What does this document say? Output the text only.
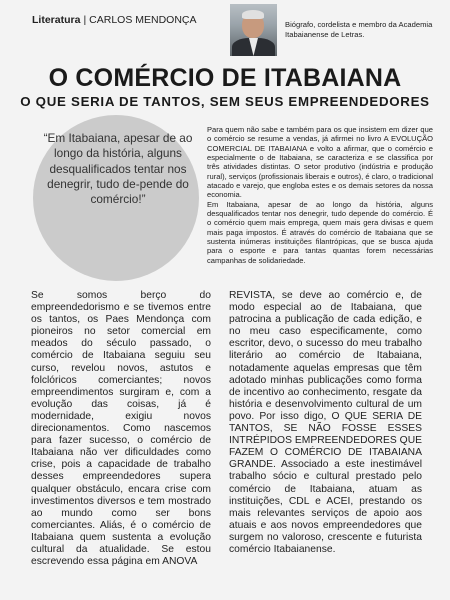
Literatura | CARLOS MENDONÇA	Biógrafo, cordelista e membro da Academia Itabaianense de Letras.
O COMÉRCIO DE ITABAIANA
O QUE SERIA DE TANTOS, SEM SEUS EMPREENDEDORES
“Em Itabaiana, apesar de ao longo da história, alguns desqualificados tentar nos denegrir, tudo de-pende do comércio!”

Para quem não sabe e também para os que insistem em dizer que o comércio se resume a vendas, já afirmei no livro A EVOLUÇÃO COMERCIAL DE ITABAIANA e volto a afirmar, que o comércio e especialmente o de Itabaiana, se caracteriza e se classifica por três atividades distintas. O setor produtivo (indústria e produção rural), serviços (profissionais liberais e outros), é claro, o tradicional atacado e varejo, que engloba estes e os demais setores da nossa economia.

Em Itabaiana, apesar de ao longo da história, alguns desqualificados tentar nos denegrir, tudo depende do comércio. É o comércio quem mais emprega, quem mais gera divisas e quem mais paga impostos. É através do comércio de Itabaiana que se sustenta inúmeras instituições filantrópicas, que se busca ajuda para o esporte e para tantas quantas forem necessárias campanhas de solidariedade.

Se somos berço do empreendedorismo e se tivemos entre os tantos, os Paes Mendonça com pioneiros no setor comercial em meados do século passado, o comércio de Itabaiana seguiu seu curso, revelou novos, astutos e folclóricos comerciantes; novos empreendimentos surgiram e, com a evolução das coisas, já é modernidade, exigiu novos direcionamentos. Como nascemos para fazer sucesso, o comércio de Itabaiana não ver dificuldades como crise, pois a capacidade de trabalho desses empreendedores supera qualquer obstáculo, encara crise com investimentos diversos e tem mostrado ao mundo como ser bons comerciantes. Aliás, é o comércio de Itabaiana quem sustenta a evolução cultural da atualidade. Se estou escrevendo essa página em ANOVA
REVISTA, se deve ao comércio e, de modo especial ao de Itabaiana, que patrocina a publicação de cada edição, e no meu caso especificamente, como escritor, devo, o sucesso do meu trabalho literário ao comércio de Itabaiana, notadamente aquelas empresas que têm adotado minhas publicações como forma de incentivo ao conhecimento, resgate da história e desenvolvimento cultural de um povo. Por isso digo, O QUE SERIA DE TANTOS, SE NÃO FOSSE ESSES INTRÉPIDOS EMPREENDEDORES QUE FAZEM O COMÉRCIO DE ITABAIANA GRANDE. Associado a este inestimável trabalho sócio e cultural prestado pelo comércio de Itabaiana, atuam as instituições, CDL e ACEI, prestando os mais relevantes serviços de apoio aos atuais e aos novos empreendedores que surgem no valoroso, crescente e futurista comércio Itabaianense.
